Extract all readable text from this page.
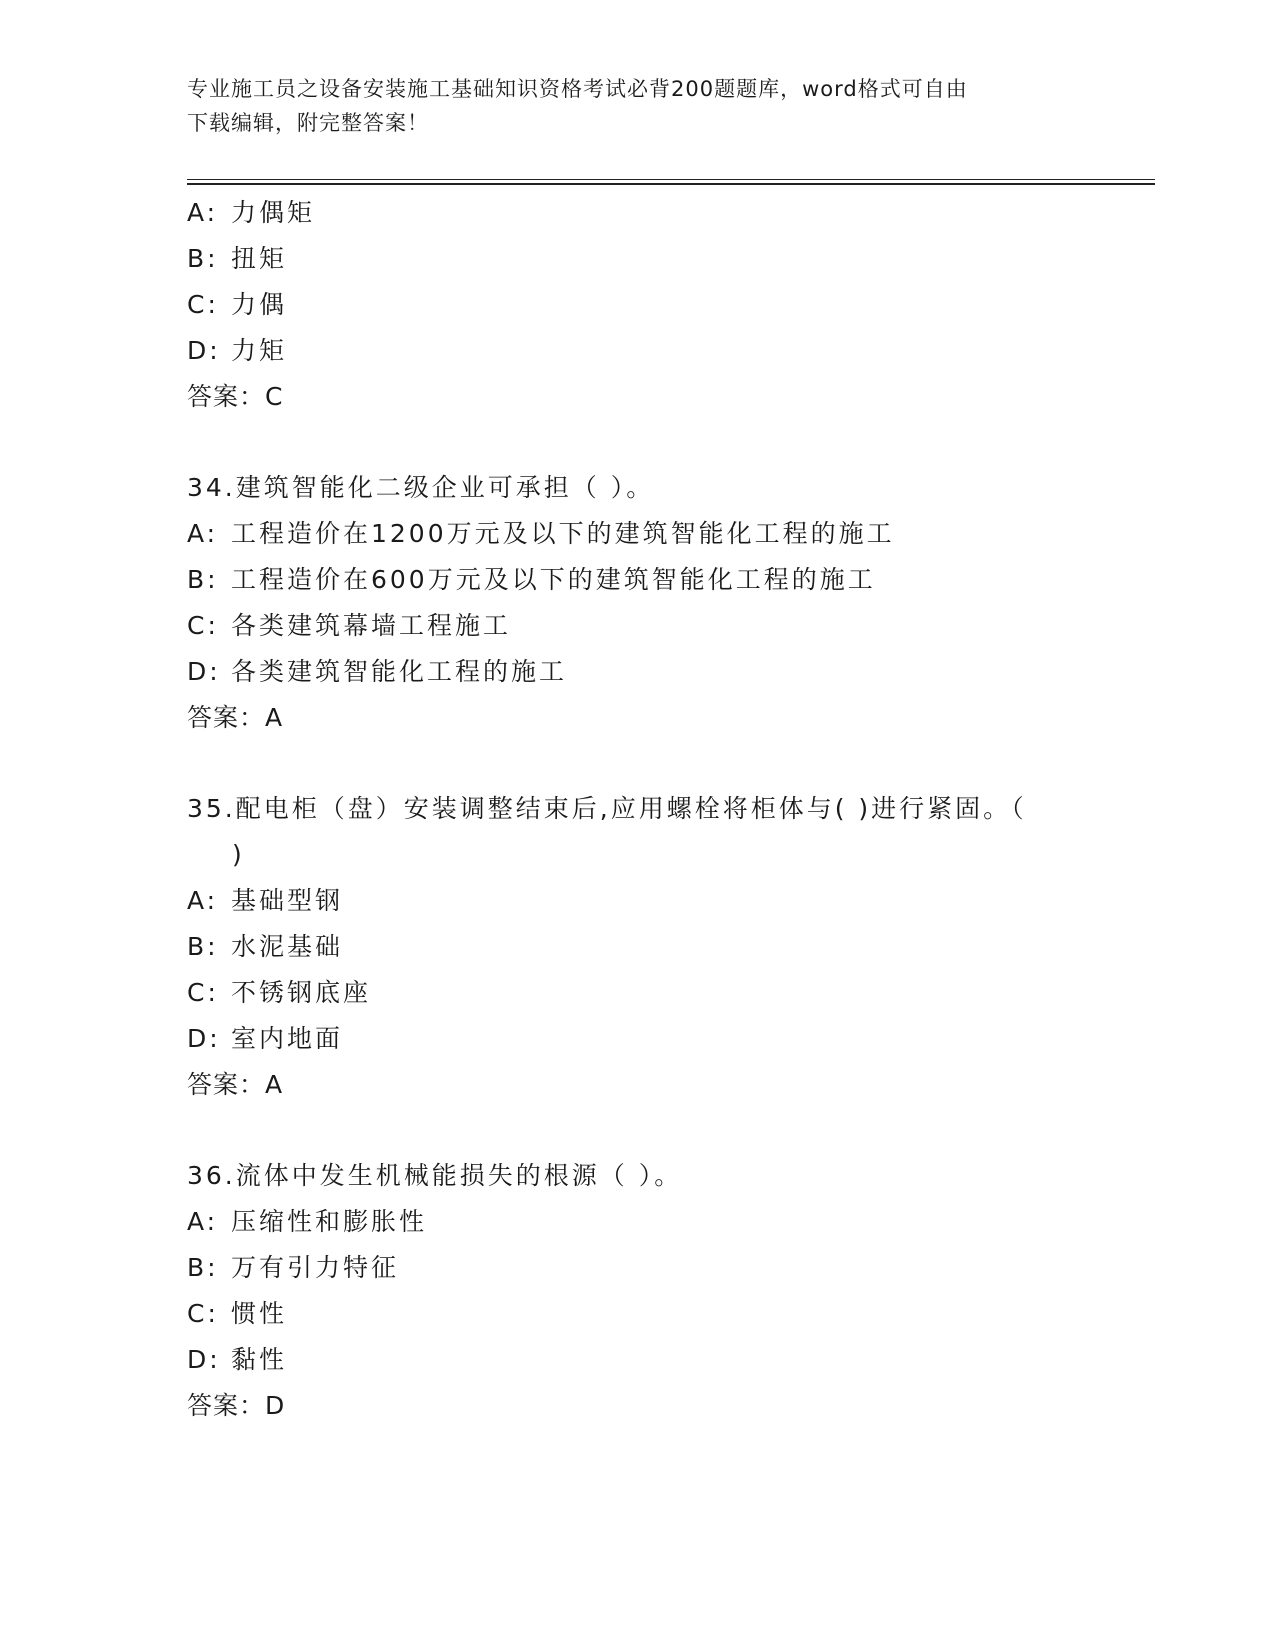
专业施工员之设备安装施工基础知识资格考试必背200题题库，word格式可自由
下载编辑，附完整答案！
A: 力偶矩
B: 扭矩
C: 力偶
D: 力矩
答案：C
34.建筑智能化二级企业可承担（ ）。
A: 工程造价在1200万元及以下的建筑智能化工程的施工
B: 工程造价在600万元及以下的建筑智能化工程的施工
C: 各类建筑幕墙工程施工
D: 各类建筑智能化工程的施工
答案：A
35.配电柜（盘）安装调整结束后,应用螺栓将柜体与( )进行紧固。（
)
A: 基础型钢
B: 水泥基础
C: 不锈钢底座
D: 室内地面
答案：A
36.流体中发生机械能损失的根源（ ）。
A: 压缩性和膨胀性
B: 万有引力特征
C: 惯性
D: 黏性
答案：D
